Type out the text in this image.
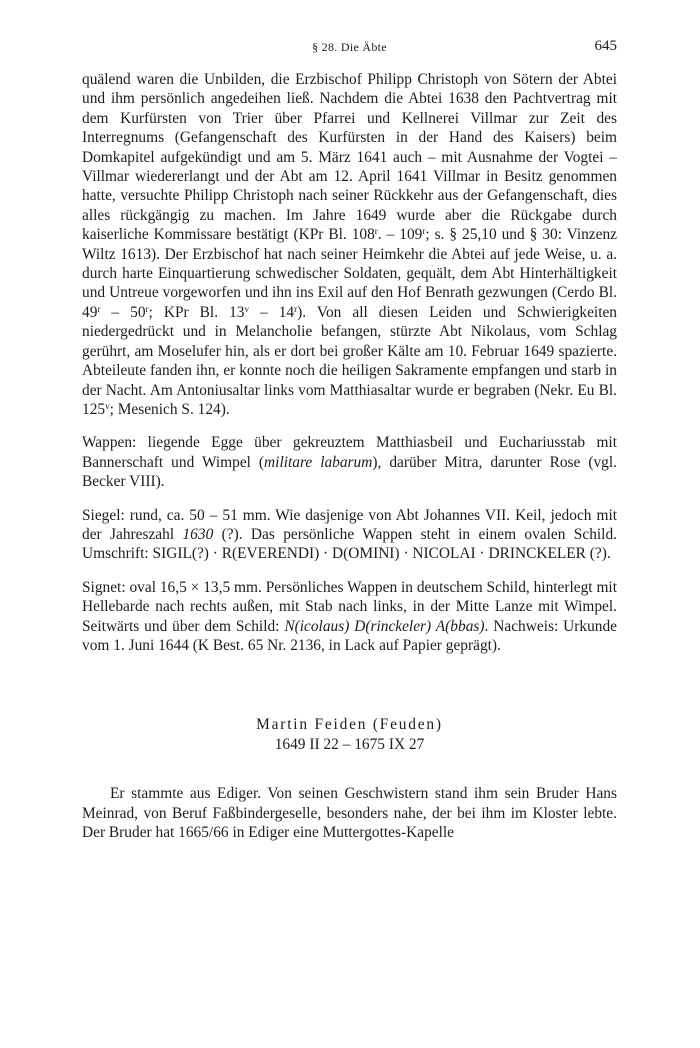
§ 28. Die Äbte	645

quälend waren die Unbilden, die Erzbischof Philipp Christoph von Sötern der Abtei und ihm persönlich angedeihen ließ. Nachdem die Abtei 1638 den Pachtvertrag mit dem Kurfürsten von Trier über Pfarrei und Kellnerei Villmar zur Zeit des Interregnums (Gefangenschaft des Kurfürsten in der Hand des Kaisers) beim Domkapitel aufgekündigt und am 5. März 1641 auch – mit Ausnahme der Vogtei – Villmar wiedererlangt und der Abt am 12. April 1641 Villmar in Besitz genommen hatte, versuchte Philipp Christoph nach seiner Rückkehr aus der Gefangenschaft, dies alles rückgängig zu machen. Im Jahre 1649 wurde aber die Rückgabe durch kaiserliche Kommissare bestätigt (KPr Bl. 108$^r$. – 109$^r$; s. § 25,10 und § 30: Vinzenz Wiltz 1613). Der Erzbischof hat nach seiner Heimkehr die Abtei auf jede Weise, u. a. durch harte Einquartierung schwedischer Soldaten, gequält, dem Abt Hinterhältigkeit und Untreue vorgeworfen und ihn ins Exil auf den Hof Benrath gezwungen (Cerdo Bl. 49$^r$ – 50$^r$; KPr Bl. 13$^v$ – 14$^r$). Von all diesen Leiden und Schwierigkeiten niedergedrückt und in Melancholie befangen, stürzte Abt Nikolaus, vom Schlag gerührt, am Moselufer hin, als er dort bei großer Kälte am 10. Februar 1649 spazierte. Abteileute fanden ihn, er konnte noch die heiligen Sakramente empfangen und starb in der Nacht. Am Antoniusaltar links vom Matthiasaltar wurde er begraben (Nekr. Eu Bl. 125$^v$; Mesenich S. 124).

Wappen: liegende Egge über gekreuztem Matthiasbeil und Euchariusstab mit Bannerschaft und Wimpel (militare labarum), darüber Mitra, darunter Rose (vgl. Becker VIII).

Siegel: rund, ca. 50 – 51 mm. Wie dasjenige von Abt Johannes VII. Keil, jedoch mit der Jahreszahl 1630 (?). Das persönliche Wappen steht in einem ovalen Schild. Umschrift: SIGIL(?) · R(EVERENDI) · D(OMINI) · NICOLAI · DRINCKELER (?).

Signet: oval 16,5 × 13,5 mm. Persönliches Wappen in deutschem Schild, hinterlegt mit Hellebarde nach rechts außen, mit Stab nach links, in der Mitte Lanze mit Wimpel. Seitwärts und über dem Schild: N(icolaus) D(rinckeler) A(bbas). Nachweis: Urkunde vom 1. Juni 1644 (K Best. 65 Nr. 2136, in Lack auf Papier geprägt).

Martin Feiden (Feuden)
1649 II 22 – 1675 IX 27

Er stammte aus Ediger. Von seinen Geschwistern stand ihm sein Bruder Hans Meinrad, von Beruf Faßbindergeselle, besonders nahe, der bei ihm im Kloster lebte. Der Bruder hat 1665/66 in Ediger eine Muttergottes-Kapelle
